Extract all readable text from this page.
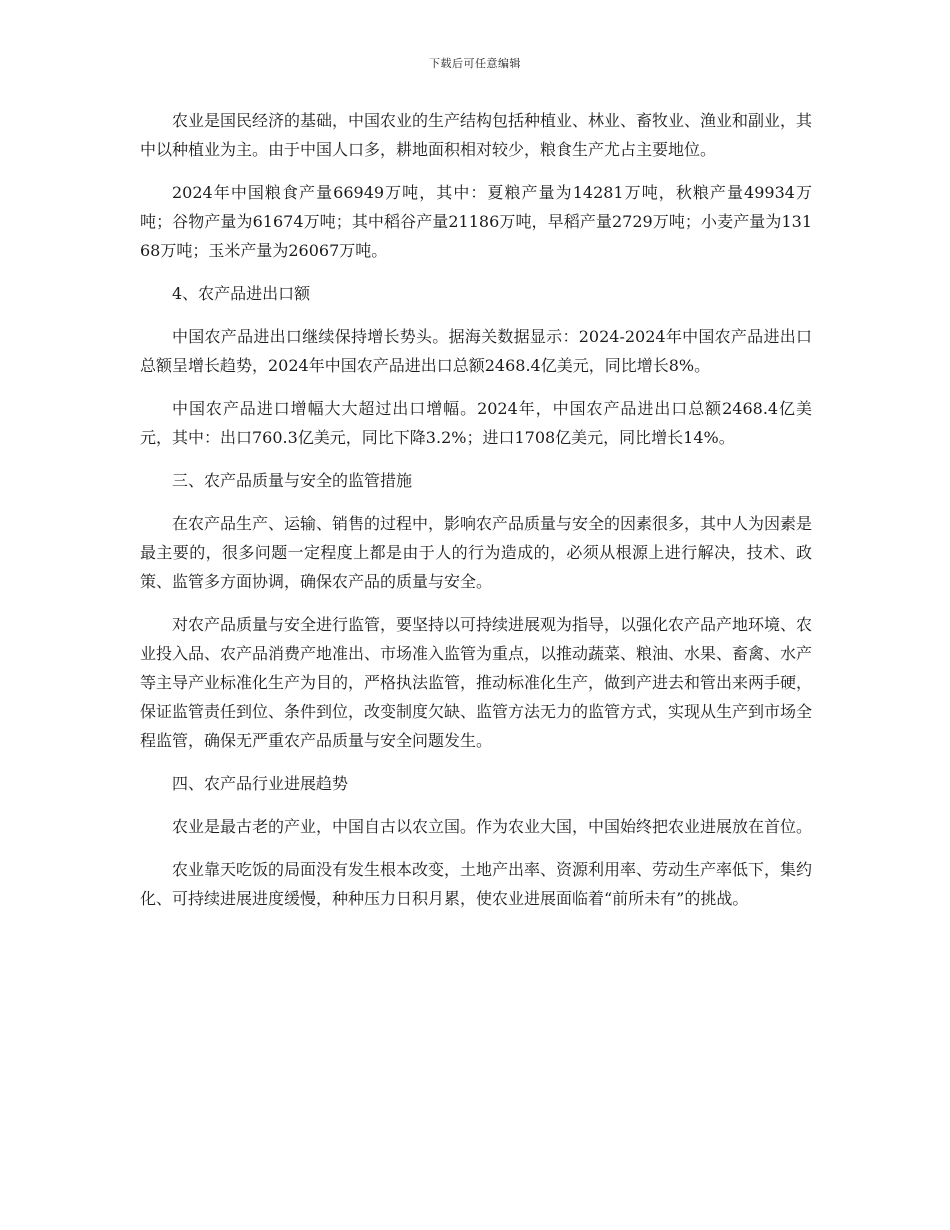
下载后可任意编辑

农业是国民经济的基础，中国农业的生产结构包括种植业、林业、畜牧业、渔业和副业，其中以种植业为主。由于中国人口多，耕地面积相对较少，粮食生产尤占主要地位。

2024年中国粮食产量66949万吨，其中：夏粮产量为14281万吨，秋粮产量49934万吨；谷物产量为61674万吨；其中稻谷产量21186万吨，早稻产量2729万吨；小麦产量为13168万吨；玉米产量为26067万吨。

4、农产品进出口额

中国农产品进出口继续保持增长势头。据海关数据显示：2024-2024年中国农产品进出口总额呈增长趋势，2024年中国农产品进出口总额2468.4亿美元，同比增长8%。

中国农产品进口增幅大大超过出口增幅。2024年，中国农产品进出口总额2468.4亿美元，其中：出口760.3亿美元，同比下降3.2%；进口1708亿美元，同比增长14%。

三、农产品质量与安全的监管措施

在农产品生产、运输、销售的过程中，影响农产品质量与安全的因素很多，其中人为因素是最主要的，很多问题一定程度上都是由于人的行为造成的，必须从根源上进行解决，技术、政策、监管多方面协调，确保农产品的质量与安全。

对农产品质量与安全进行监管，要坚持以可持续进展观为指导，以强化农产品产地环境、农业投入品、农产品消费产地准出、市场准入监管为重点，以推动蔬菜、粮油、水果、畜禽、水产等主导产业标准化生产为目的，严格执法监管，推动标准化生产，做到产进去和管出来两手硬，保证监管责任到位、条件到位，改变制度欠缺、监管方法无力的监管方式，实现从生产到市场全程监管，确保无严重农产品质量与安全问题发生。

四、农产品行业进展趋势

农业是最古老的产业，中国自古以农立国。作为农业大国，中国始终把农业进展放在首位。

农业靠天吃饭的局面没有发生根本改变，土地产出率、资源利用率、劳动生产率低下，集约化、可持续进展进度缓慢，种种压力日积月累，使农业进展面临着“前所未有”的挑战。
